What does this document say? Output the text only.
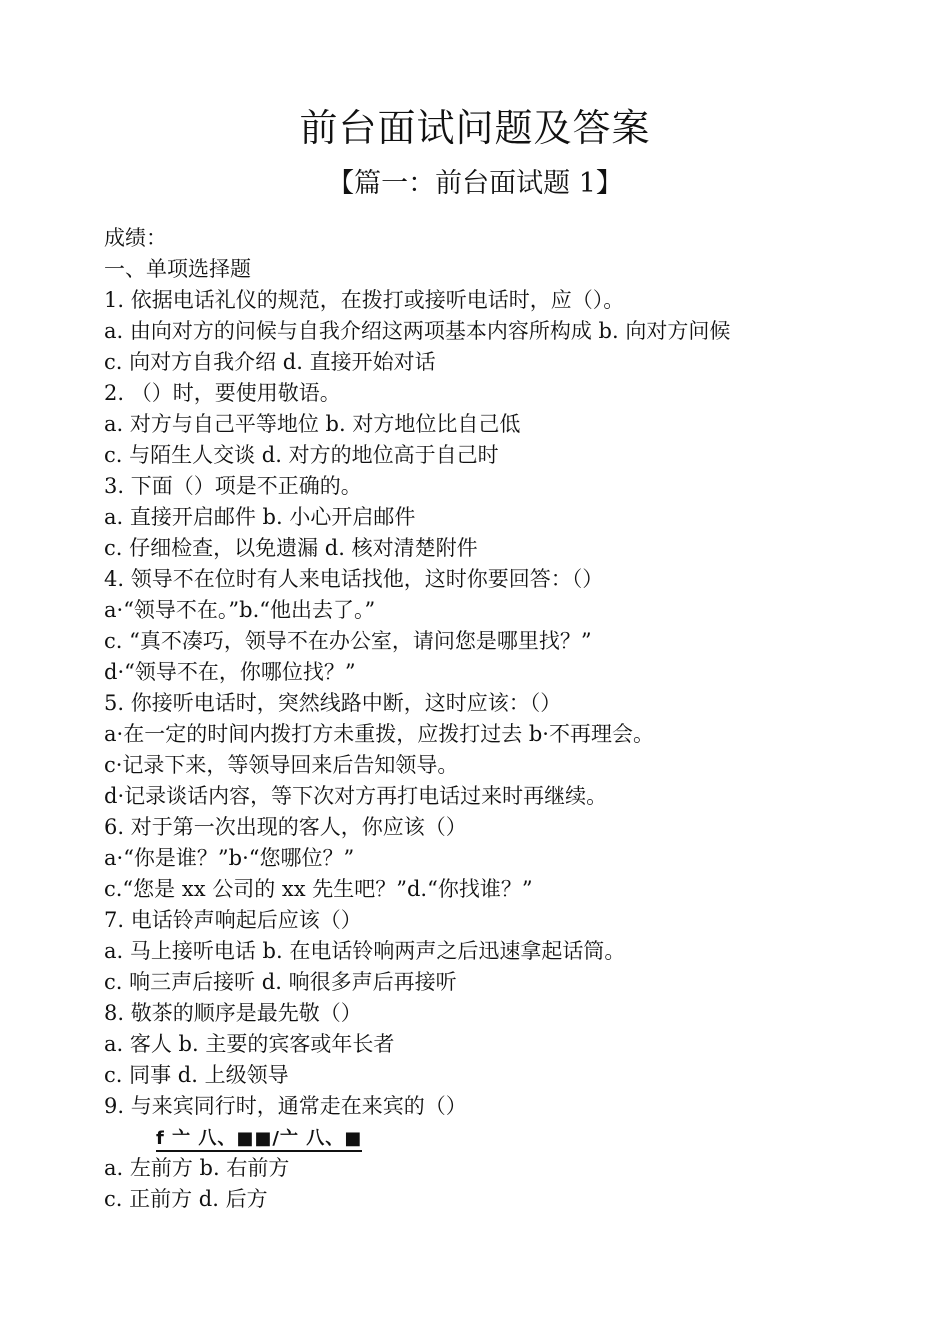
前台面试问题及答案
【篇一：前台面试题 1】
成绩：
一、单项选择题
1. 依据电话礼仪的规范，在拨打或接听电话时，应（）。
a. 由向对方的问候与自我介绍这两项基本内容所构成 b. 向对方问候
c. 向对方自我介绍 d. 直接开始对话
2. （）时，要使用敬语。
a. 对方与自己平等地位 b. 对方地位比自己低
c. 与陌生人交谈 d. 对方的地位高于自己时
3. 下面（）项是不正确的。
a. 直接开启邮件 b. 小心开启邮件
c. 仔细检查，以免遗漏 d. 核对清楚附件
4. 领导不在位时有人来电话找他，这时你要回答：（）
a·“领导不在。”b.“他出去了。”
c. “真不凑巧，领导不在办公室，请问您是哪里找？”
d·“领导不在，你哪位找？”
5. 你接听电话时，突然线路中断，这时应该：（）
a·在一定的时间内拨打方未重拨，应拨打过去 b·不再理会。
c·记录下来，等领导回来后告知领导。
d·记录谈话内容，等下次对方再打电话过来时再继续。
6. 对于第一次出现的客人，你应该（）
a·“你是谁？”b·“您哪位？”
c.“您是 xx 公司的 xx 先生吧？”d.“你找谁？”
7. 电话铃声响起后应该（）
a. 马上接听电话 b. 在电话铃响两声之后迅速拿起话筒。
c. 响三声后接听 d. 响很多声后再接听
8. 敬茶的顺序是最先敬（）
a. 客人 b. 主要的宾客或年长者
c. 同事 d. 上级领导
9. 与来宾同行时，通常走在来宾的（）
f 亠 八、■■/亠 八、■
a. 左前方 b. 右前方
c. 正前方 d. 后方
